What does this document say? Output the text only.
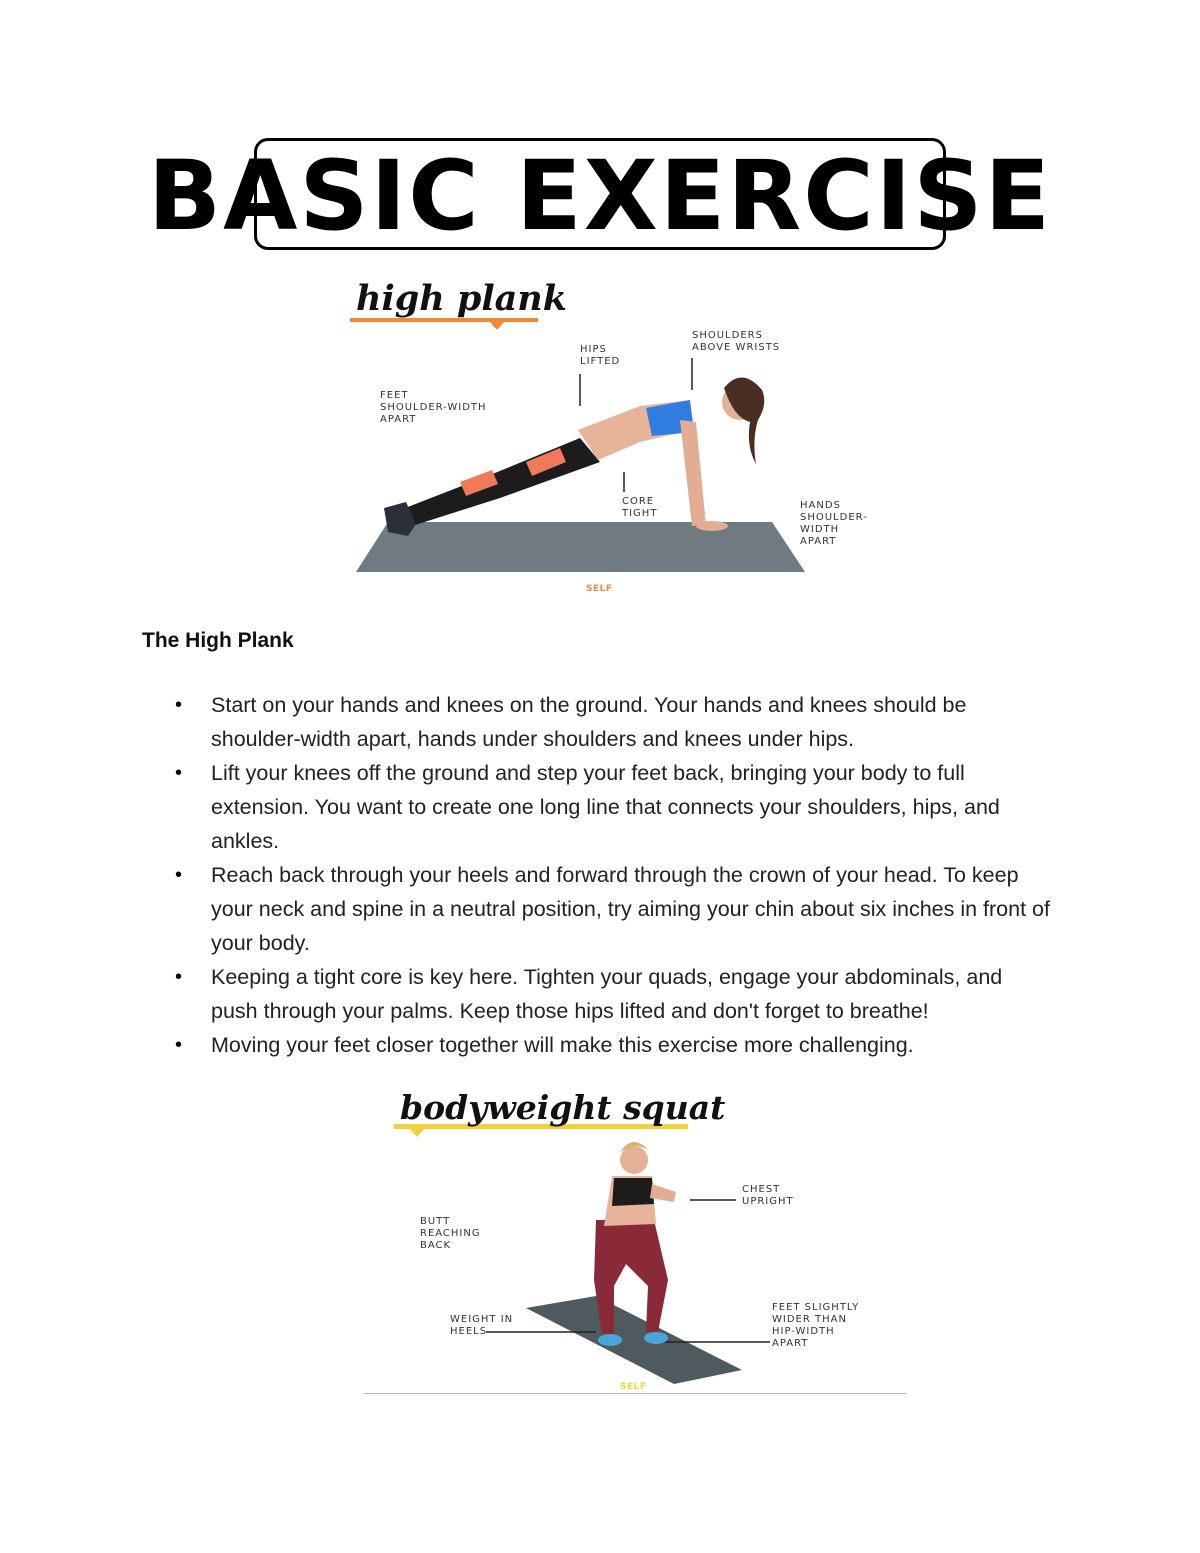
BASIC EXERCISE
high plank
FEET
SHOULDER-WIDTH
APART
HIPS
LIFTED
SHOULDERS
ABOVE WRISTS
CORE
TIGHT
HANDS
SHOULDER-
WIDTH
APART
SELF
The High Plank
• Start on your hands and knees on the ground. Your hands and knees should be shoulder-width apart, hands under shoulders and knees under hips.
• Lift your knees off the ground and step your feet back, bringing your body to full extension. You want to create one long line that connects your shoulders, hips, and ankles.
• Reach back through your heels and forward through the crown of your head. To keep your neck and spine in a neutral position, try aiming your chin about six inches in front of your body.
• Keeping a tight core is key here. Tighten your quads, engage your abdominals, and push through your palms. Keep those hips lifted and don't forget to breathe!
• Moving your feet closer together will make this exercise more challenging.
bodyweight squat
CHEST
UPRIGHT
BUTT
REACHING
BACK
WEIGHT IN
HEELS
FEET SLIGHTLY
WIDER THAN
HIP-WIDTH
APART
SELF
